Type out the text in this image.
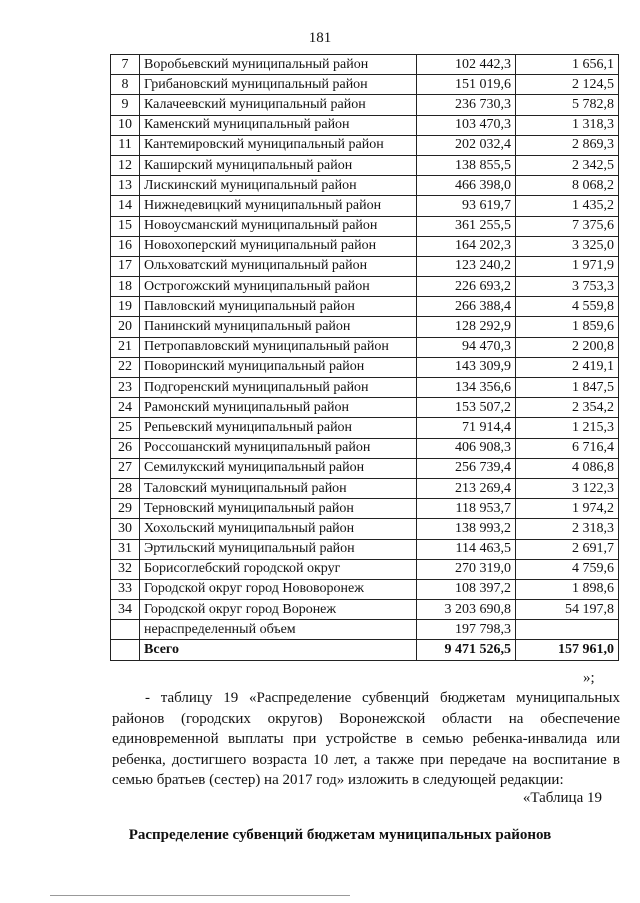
181
7	Воробьевский муниципальный район	102 442,3	1 656,1
8	Грибановский муниципальный район	151 019,6	2 124,5
9	Калачеевский муниципальный район	236 730,3	5 782,8
10	Каменский муниципальный район	103 470,3	1 318,3
11	Кантемировский муниципальный район	202 032,4	2 869,3
12	Каширский муниципальный район	138 855,5	2 342,5
13	Лискинский муниципальный район	466 398,0	8 068,2
14	Нижнедевицкий муниципальный район	93 619,7	1 435,2
15	Новоусманский муниципальный район	361 255,5	7 375,6
16	Новохоперский муниципальный район	164 202,3	3 325,0
17	Ольховатский муниципальный район	123 240,2	1 971,9
18	Острогожский муниципальный район	226 693,2	3 753,3
19	Павловский муниципальный район	266 388,4	4 559,8
20	Панинский муниципальный район	128 292,9	1 859,6
21	Петропавловский муниципальный район	94 470,3	2 200,8
22	Поворинский муниципальный район	143 309,9	2 419,1
23	Подгоренский муниципальный район	134 356,6	1 847,5
24	Рамонский муниципальный район	153 507,2	2 354,2
25	Репьевский муниципальный район	71 914,4	1 215,3
26	Россошанский муниципальный район	406 908,3	6 716,4
27	Семилукский муниципальный район	256 739,4	4 086,8
28	Таловский муниципальный район	213 269,4	3 122,3
29	Терновский муниципальный район	118 953,7	1 974,2
30	Хохольский муниципальный район	138 993,2	2 318,3
31	Эртильский муниципальный район	114 463,5	2 691,7
32	Борисоглебский городской округ	270 319,0	4 759,6
33	Городской округ город Нововоронеж	108 397,2	1 898,6
34	Городской округ город Воронеж	3 203 690,8	54 197,8
	нераспределенный объем	197 798,3	
	Всего	9 471 526,5	157 961,0
»;

- таблицу 19 «Распределение субвенций бюджетам муниципальных районов (городских округов) Воронежской области на обеспечение единовременной выплаты при устройстве в семью ребенка-инвалида или ребенка, достигшего возраста 10 лет, а также при передаче на воспитание в семью братьев (сестер) на 2017 год» изложить в следующей редакции:

«Таблица 19
Распределение субвенций бюджетам муниципальных районов
